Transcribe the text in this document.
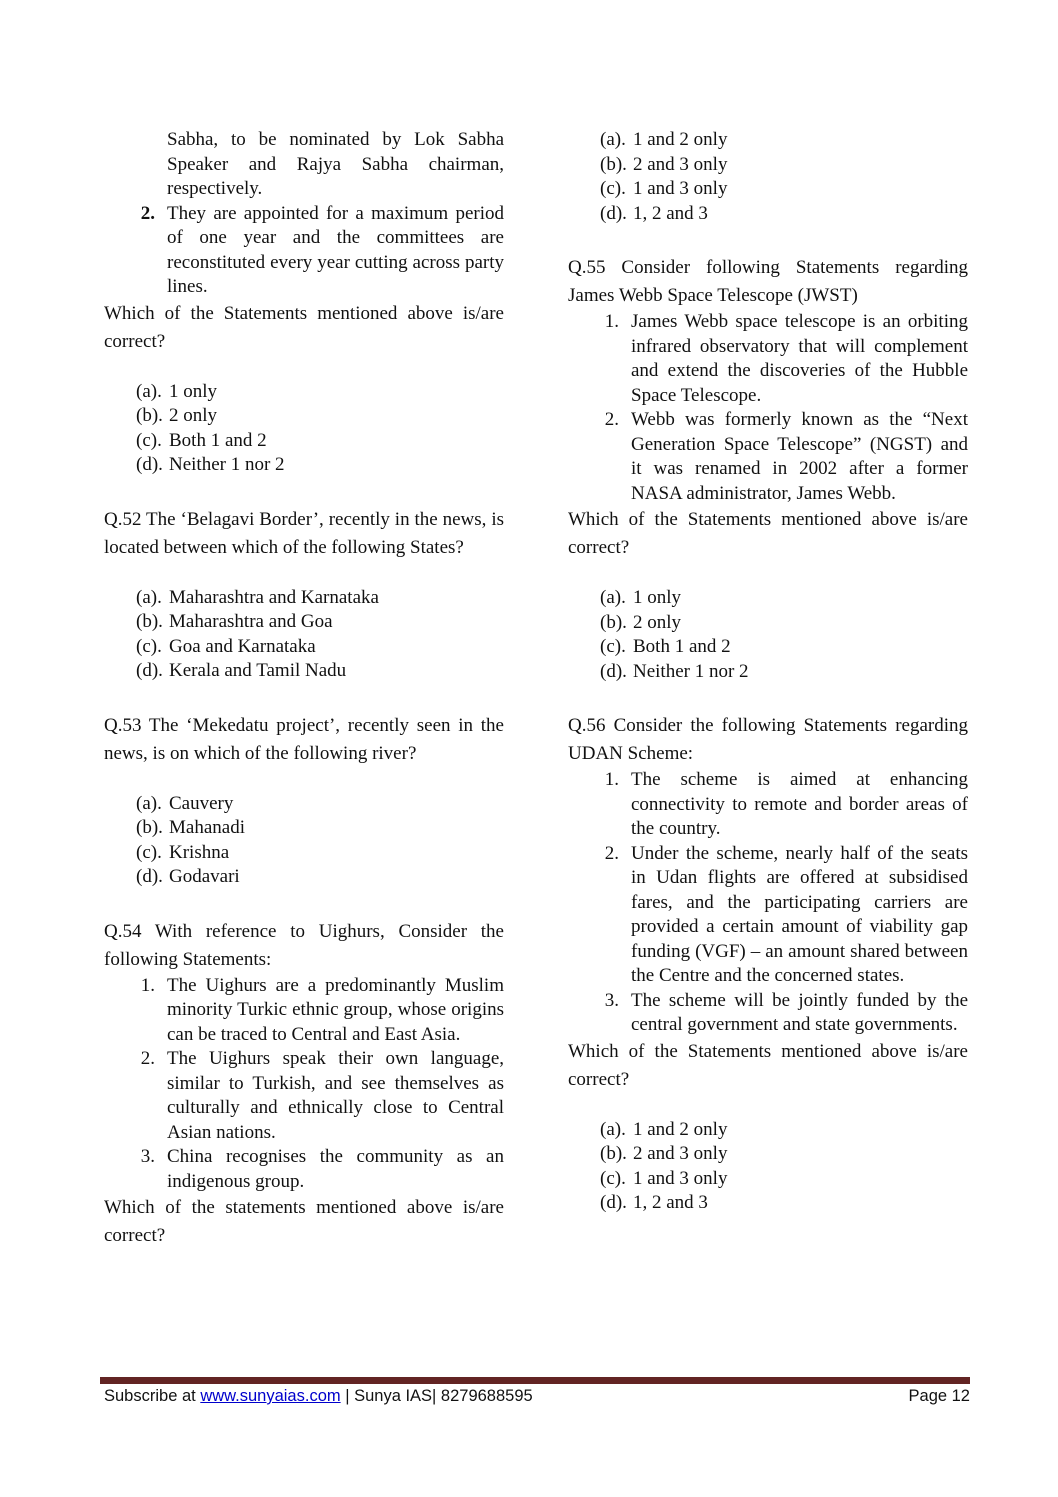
Sabha, to be nominated by Lok Sabha Speaker and Rajya Sabha chairman, respectively.
2. They are appointed for a maximum period of one year and the committees are reconstituted every year cutting across party lines.
Which of the Statements mentioned above is/are correct?
(a). 1 only
(b). 2 only
(c). Both 1 and 2
(d). Neither 1 nor 2
Q.52 The ‘Belagavi Border’, recently in the news, is located between which of the following States?
(a). Maharashtra and Karnataka
(b). Maharashtra and Goa
(c). Goa and Karnataka
(d). Kerala and Tamil Nadu
Q.53 The ‘Mekedatu project’, recently seen in the news, is on which of the following river?
(a). Cauvery
(b). Mahanadi
(c). Krishna
(d). Godavari
Q.54 With reference to Uighurs, Consider the following Statements:
1. The Uighurs are a predominantly Muslim minority Turkic ethnic group, whose origins can be traced to Central and East Asia.
2. The Uighurs speak their own language, similar to Turkish, and see themselves as culturally and ethnically close to Central Asian nations.
3. China recognises the community as an indigenous group.
Which of the statements mentioned above is/are correct?
(a). 1 and 2 only
(b). 2 and 3 only
(c). 1 and 3 only
(d). 1, 2 and 3
Q.55 Consider following Statements regarding James Webb Space Telescope (JWST)
1. James Webb space telescope is an orbiting infrared observatory that will complement and extend the discoveries of the Hubble Space Telescope.
2. Webb was formerly known as the “Next Generation Space Telescope” (NGST) and it was renamed in 2002 after a former NASA administrator, James Webb.
Which of the Statements mentioned above is/are correct?
(a). 1 only
(b). 2 only
(c). Both 1 and 2
(d). Neither 1 nor 2
Q.56 Consider the following Statements regarding UDAN Scheme:
1. The scheme is aimed at enhancing connectivity to remote and border areas of the country.
2. Under the scheme, nearly half of the seats in Udan flights are offered at subsidised fares, and the participating carriers are provided a certain amount of viability gap funding (VGF) – an amount shared between the Centre and the concerned states.
3. The scheme will be jointly funded by the central government and state governments.
Which of the Statements mentioned above is/are correct?
(a). 1 and 2 only
(b). 2 and 3 only
(c). 1 and 3 only
(d). 1, 2 and 3
Subscribe at www.sunyaias.com | Sunya IAS| 8279688595	Page 12
